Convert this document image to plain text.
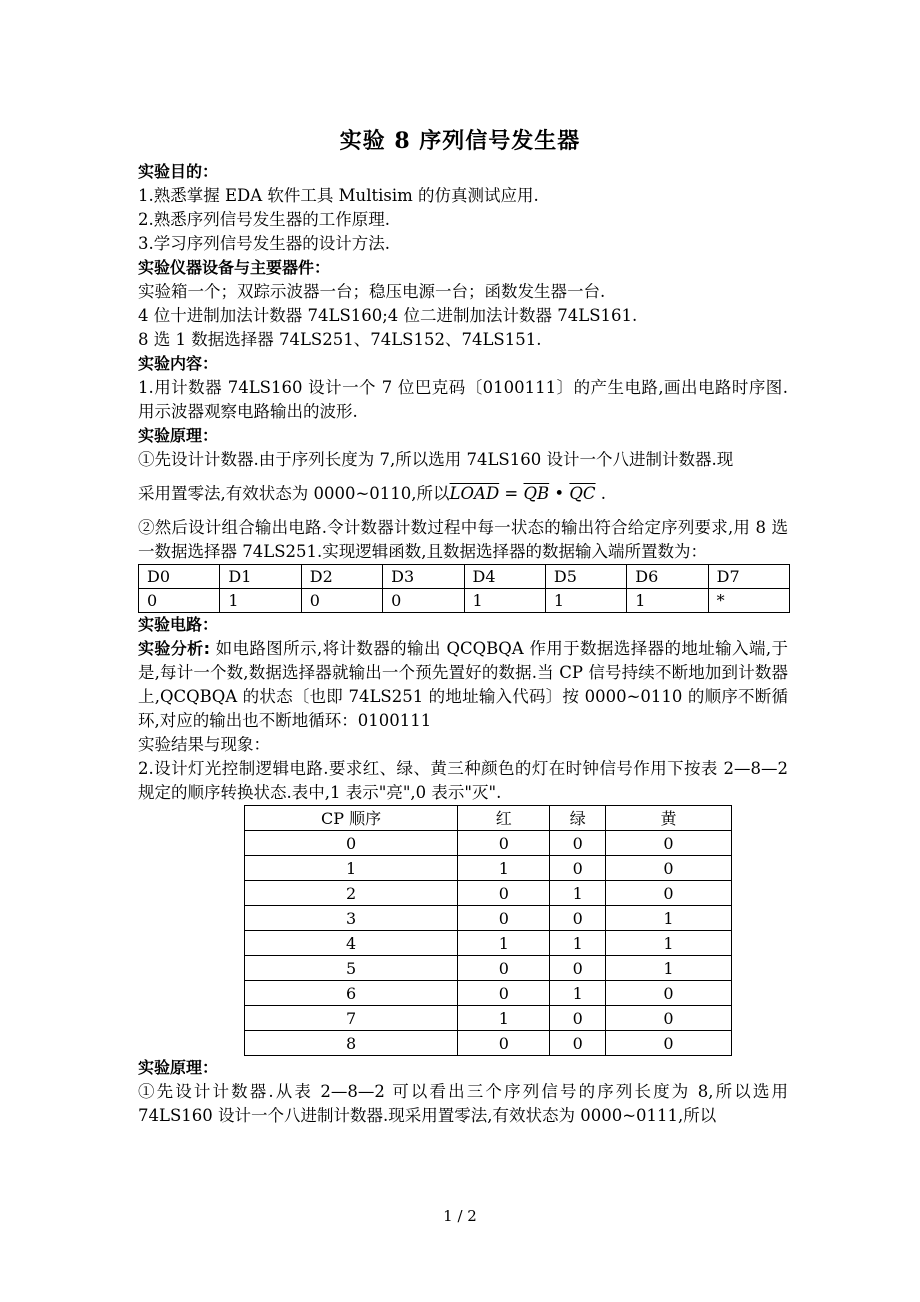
实验 8 序列信号发生器
实验目的：
1.熟悉掌握 EDA 软件工具 Multisim 的仿真测试应用.
2.熟悉序列信号发生器的工作原理.
3.学习序列信号发生器的设计方法.
实验仪器设备与主要器件：
实验箱一个；双踪示波器一台；稳压电源一台；函数发生器一台.
4 位十进制加法计数器 74LS160;4 位二进制加法计数器 74LS161.
8 选 1 数据选择器 74LS251、74LS152、74LS151.
实验内容：
1.用计数器 74LS160 设计一个 7 位巴克码〔0100111〕的产生电路,画出电路时序图.用示波器观察电路输出的波形.
实验原理：
①先设计计数器.由于序列长度为 7,所以选用 74LS160 设计一个八进制计数器.现
采用置零法,有效状态为 0000~0110,所以LOAD = $\overline{QB}$ • $\overline{QC}$ .
②然后设计组合输出电路.令计数器计数过程中每一状态的输出符合给定序列要求,用 8 选一数据选择器 74LS251.实现逻辑函数,且数据选择器的数据输入端所置数为：
D0	D1	D2	D3	D4	D5	D6	D7
0	1	0	0	1	1	1	*
实验电路：
实验分析: 如电路图所示,将计数器的输出 QCQBQA 作用于数据选择器的地址输入端,于是,每计一个数,数据选择器就输出一个预先置好的数据.当 CP 信号持续不断地加到计数器上,QCQBQA 的状态〔也即 74LS251 的地址输入代码〕按 0000~0110 的顺序不断循环,对应的输出也不断地循环：0100111
实验结果与现象：
2.设计灯光控制逻辑电路.要求红、绿、黄三种颜色的灯在时钟信号作用下按表 2—8—2 规定的顺序转换状态.表中,1 表示"亮",0 表示"灭".
CP 顺序	红	绿	黄
0	0	0	0
1	1	0	0
2	0	1	0
3	0	0	1
4	1	1	1
5	0	0	1
6	0	1	0
7	1	0	0
8	0	0	0
实验原理：
①先设计计数器.从表 2—8—2 可以看出三个序列信号的序列长度为 8,所以选用 74LS160 设计一个八进制计数器.现采用置零法,有效状态为 0000~0111,所以
1 / 2
